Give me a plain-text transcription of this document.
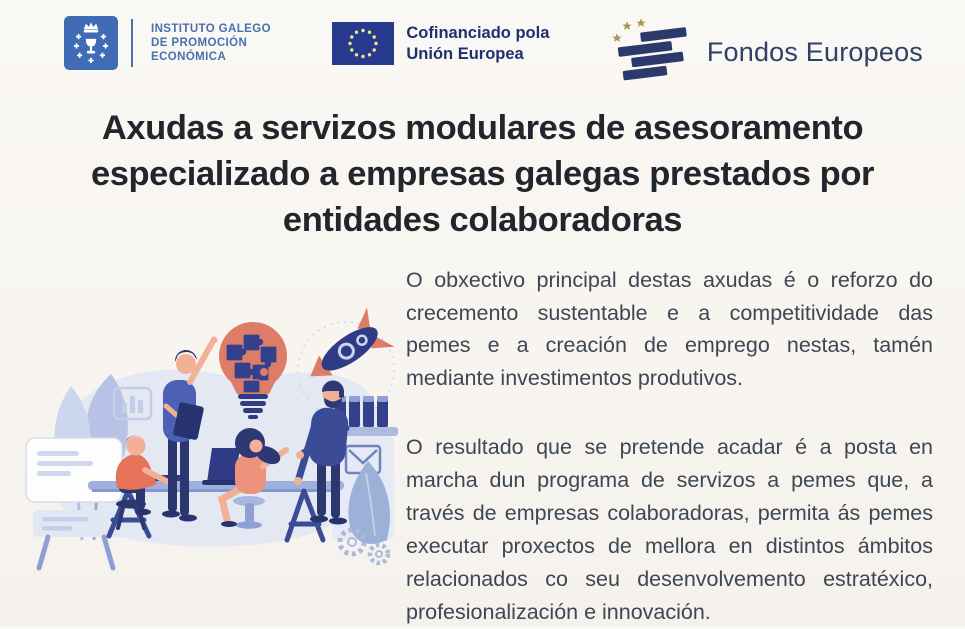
INSTITUTO GALEGO
DE PROMOCIÓN
ECONÓMICA
Cofinanciado pola
Unión Europea	Fondos Europeos
Axudas a servizos modulares de asesoramento
especializado a empresas galegas prestados por
entidades colaboradoras

O obxectivo principal destas axudas é o reforzo do crecemento sustentable e a competitividade das pemes e a creación de emprego nestas, tamén mediante investimentos produtivos.

O resultado que se pretende acadar é a posta en marcha dun programa de servizos a pemes que, a través de empresas colaboradoras, permita ás pemes executar proxectos de mellora en distintos ámbitos relacionados co seu desenvolvemento estratéxico, profesionalización e innovación.
